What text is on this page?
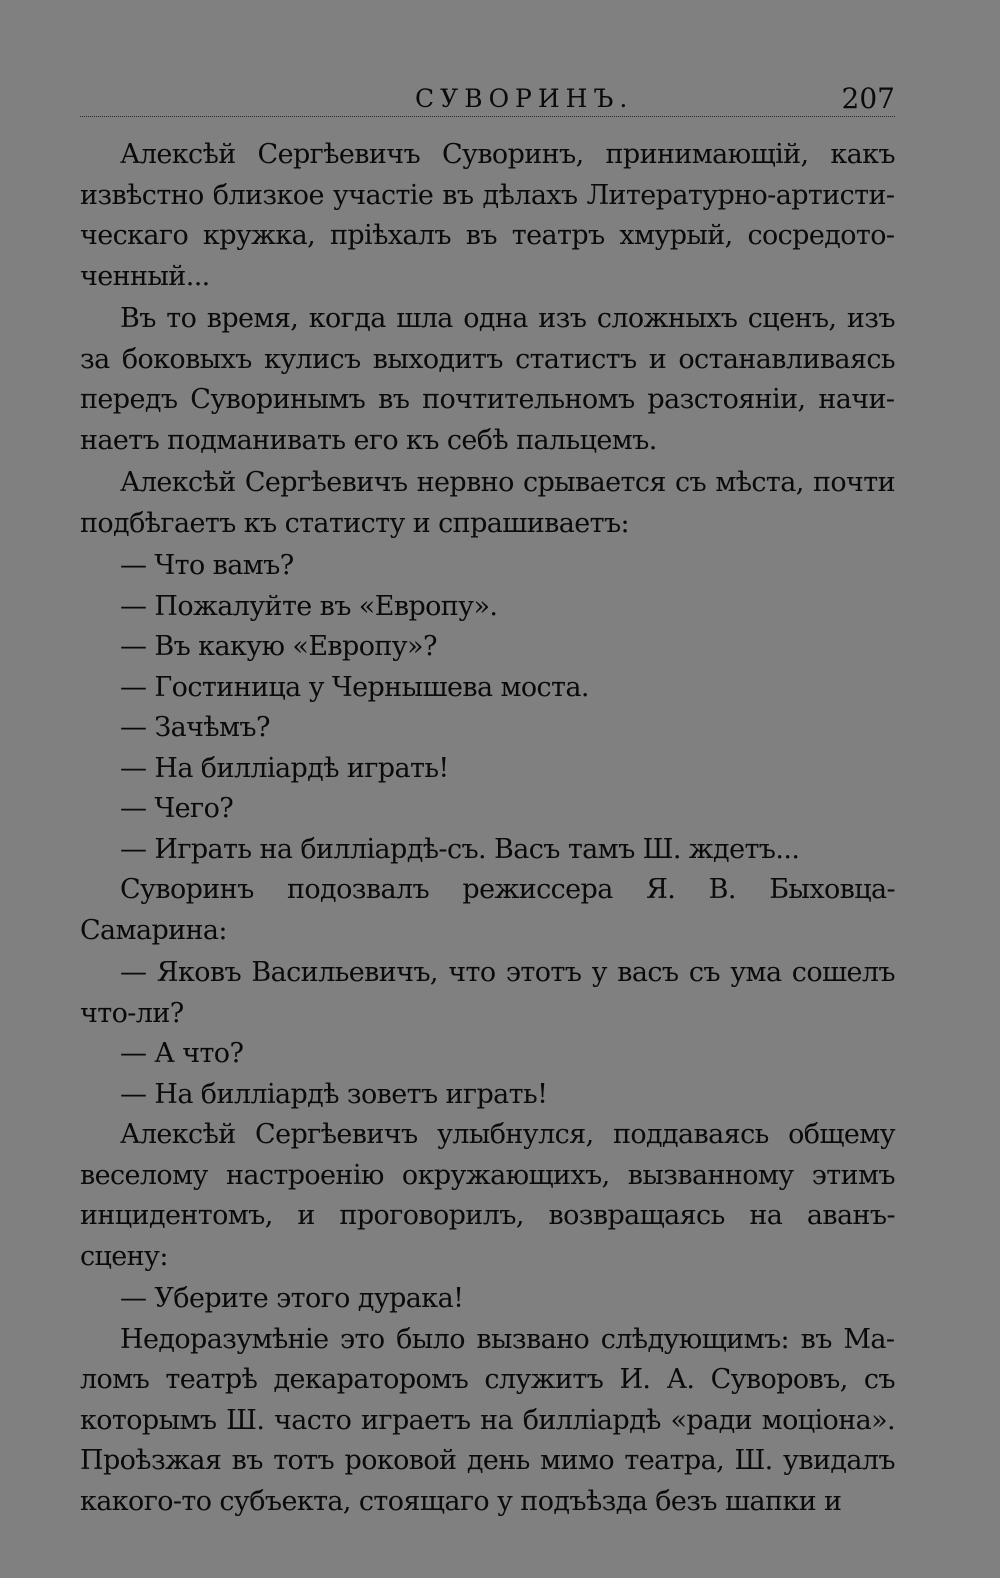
СУВОРИНЪ.	207

Алексѣй Сергѣевичъ Суворинъ, принимающій, какъ извѣстно близкое участіе въ дѣлахъ Литературно-артистическаго кружка, пріѣхалъ въ театръ хмурый, сосредоточенный...

Въ то время, когда шла одна изъ сложныхъ сценъ, изъ за боковыхъ кулисъ выходитъ статистъ и останавливаясь передъ Суворинымъ въ почтительномъ разстояніи, начинаетъ подманивать его къ себѣ пальцемъ.

Алексѣй Сергѣевичъ нервно срывается съ мѣста, почти подбѣгаетъ къ статисту и спрашиваетъ:

— Что вамъ?

— Пожалуйте въ «Европу».

— Въ какую «Европу»?

— Гостиница у Чернышева моста.

— Зачѣмъ?

— На билліардѣ играть!

— Чего?

— Играть на билліардѣ-съ. Васъ тамъ Ш. ждетъ...

Суворинъ подозвалъ режиссера Я. В. Быховца-Самарина:

— Яковъ Васильевичъ, что этотъ у васъ съ ума сошелъ что-ли?

— А что?

— На билліардѣ зоветъ играть!

Алексѣй Сергѣевичъ улыбнулся, поддаваясь общему веселому настроенію окружающихъ, вызванному этимъ инцидентомъ, и проговорилъ, возвращаясь на аванъ-сцену:

— Уберите этого дурака!

Недоразумѣніе это было вызвано слѣдующимъ: въ Маломъ театрѣ декараторомъ служитъ И. А. Суворовъ, съ которымъ Ш. часто играетъ на билліардѣ «ради моціона». Проѣзжая въ тотъ роковой день мимо театра, Ш. увидалъ какого-то субъекта, стоящаго у подъѣзда безъ шапки и
